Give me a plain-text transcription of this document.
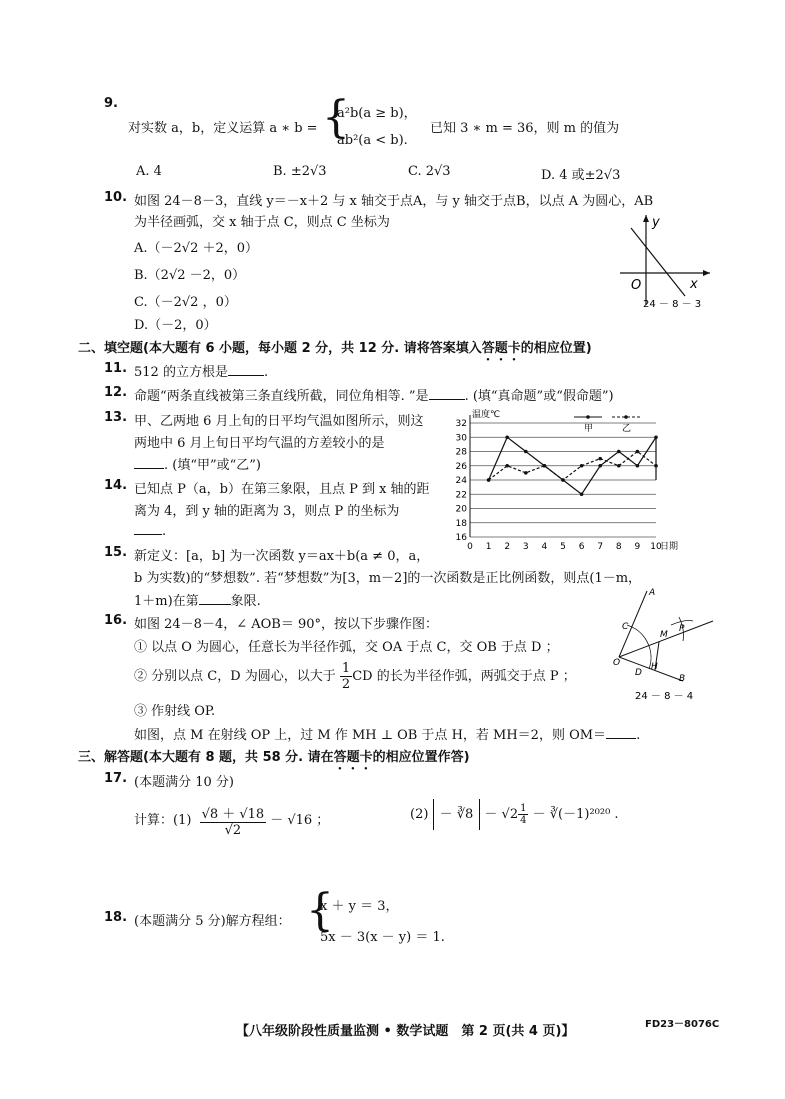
9.
对实数 a，b，定义运算 a ∗ b = {
a²b(a ≥ b)，
ab²(a < b).
已知 3 ∗ m = 36，则 m 的值为
A. 4	B. ±2√3	C. 2√3	D. 4 或±2√3
10. 如图 24－8－3，直线 y＝－x＋2 与 x 轴交于点A，与 y 轴交于点B，以点 A 为圆心，AB
为半径画弧，交 x 轴于点 C，则点 C 坐标为
A.（－2√2 ＋2，0）
B.（2√2 －2，0）
C.（－2√2 ，0）
D.（－2，0）
y
x
O
24 － 8 － 3
二、填空题(本大题有 6 小题，每小题 2 分，共 12 分. 请将答案填入答题卡的相应位置)
11. 512 的立方根是	.
12. 命题“两条直线被第三条直线所截，同位角相等. ”是	. (填“真命题”或“假命题”)
13. 甲、乙两地 6 月上旬的日平均气温如图所示，则这
两地中 6 月上旬日平均气温的方差较小的是
. (填“甲”或“乙”)
14. 已知点 P（a，b）在第三象限，且点 P 到 x 轴的距
离为 4，到 y 轴的距离为 3，则点 P 的坐标为
.	16
18
20
22
24
26
28
30
32
温度℃
0 1 2 3 4 5 6 7 8 9 10
日期
甲	乙
15. 新定义：[a，b] 为一次函数 y＝ax＋b(a ≠ 0，a，
b 为实数)的“梦想数”. 若“梦想数”为[3，m－2]的一次函数是正比例函数，则点(1－m，
1＋m)在第 象限.
16. 如图 24－8－4，∠ AOB＝ 90°，按以下步骤作图：
① 以点 O 为圆心，任意长为半径作弧，交 OA 于点 C，交 OB 于点 D ；
② 分别以点 C，D 为圆心，以大于 $\frac{1}{2}$ CD 的长为半径作弧，两弧交于点 P ；
③ 作射线 OP.
如图，点 M 在射线 OP 上，过 M 作 MH ⊥ OB 于点 H，若 MH＝2，则 OM＝ .
A
C
M
P
O
D
H
B
24 － 8 － 4
三、解答题(本大题有 8 题，共 58 分. 请在答题卡的相应位置作答)
17. (本题满分 10 分)
计算：$(1) \frac{√8 + √18}{√2} - √16$ ；	(2) － ∛8 － $√2 \frac{1}{4}$ － ∛(－1)²⁰²⁰ .
18. (本题满分 5 分)解方程组： {
x ＋ y ＝ 3，
5x － 3(x － y) ＝ 1.
【八年级阶段性质量监测 • 数学试题　第 2 页(共 4 页)】	FD23－8076C
